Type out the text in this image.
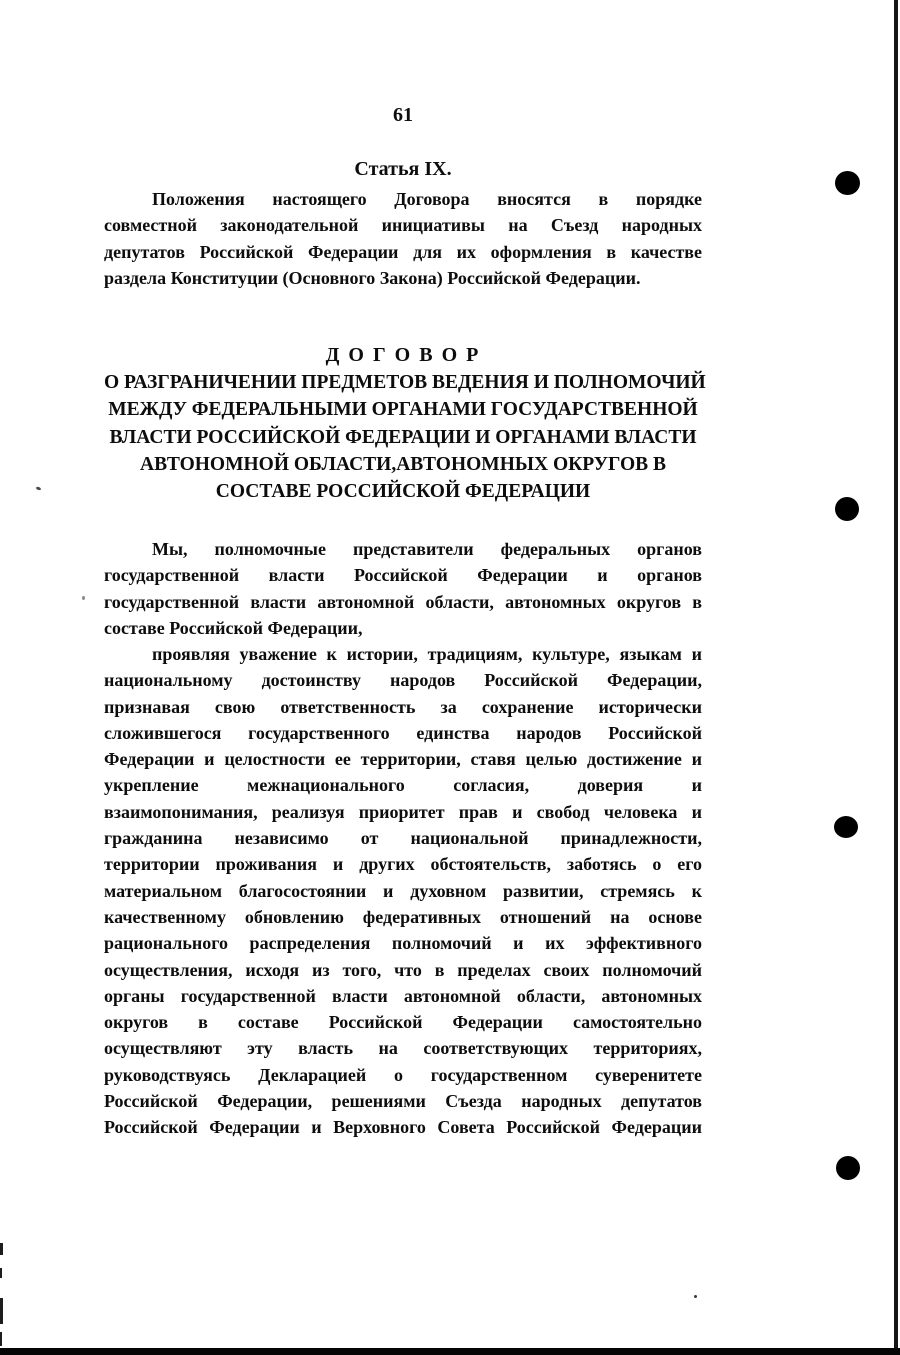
61
Статья IX.
Положения настоящего Договора вносятся в порядке
совместной законодательной инициативы на Съезд народных
депутатов Российской Федерации для их оформления в качестве
раздела Конституции (Основного Закона) Российской Федерации.
Д О Г О В О Р
О РАЗГРАНИЧЕНИИ ПРЕДМЕТОВ ВЕДЕНИЯ И ПОЛНОМОЧИЙ
МЕЖДУ ФЕДЕРАЛЬНЫМИ ОРГАНАМИ ГОСУДАРСТВЕННОЙ
ВЛАСТИ РОССИЙСКОЙ ФЕДЕРАЦИИ И ОРГАНАМИ ВЛАСТИ
АВТОНОМНОЙ ОБЛАСТИ,АВТОНОМНЫХ ОКРУГОВ В
СОСТАВЕ РОССИЙСКОЙ ФЕДЕРАЦИИ
Мы, полномочные представители федеральных органов
государственной власти Российской Федерации и органов
государственной власти автономной области, автономных округов в
составе Российской Федерации,
проявляя уважение к истории, традициям, культуре, языкам и
национальному достоинству народов Российской Федерации,
признавая свою ответственность за сохранение исторически
сложившегося государственного единства народов Российской
Федерации и целостности ее территории, ставя целью достижение и
укрепление межнационального согласия, доверия и
взаимопонимания, реализуя приоритет прав и свобод человека и
гражданина независимо от национальной принадлежности,
территории проживания и других обстоятельств, заботясь о его
материальном благосостоянии и духовном развитии, стремясь к
качественному обновлению федеративных отношений на основе
рационального распределения полномочий и их эффективного
осуществления, исходя из того, что в пределах своих полномочий
органы государственной власти автономной области, автономных
округов в составе Российской Федерации самостоятельно
осуществляют эту власть на соответствующих территориях,
руководствуясь Декларацией о государственном суверенитете
Российской Федерации, решениями Съезда народных депутатов
Российской Федерации и Верховного Совета Российской Федерации
